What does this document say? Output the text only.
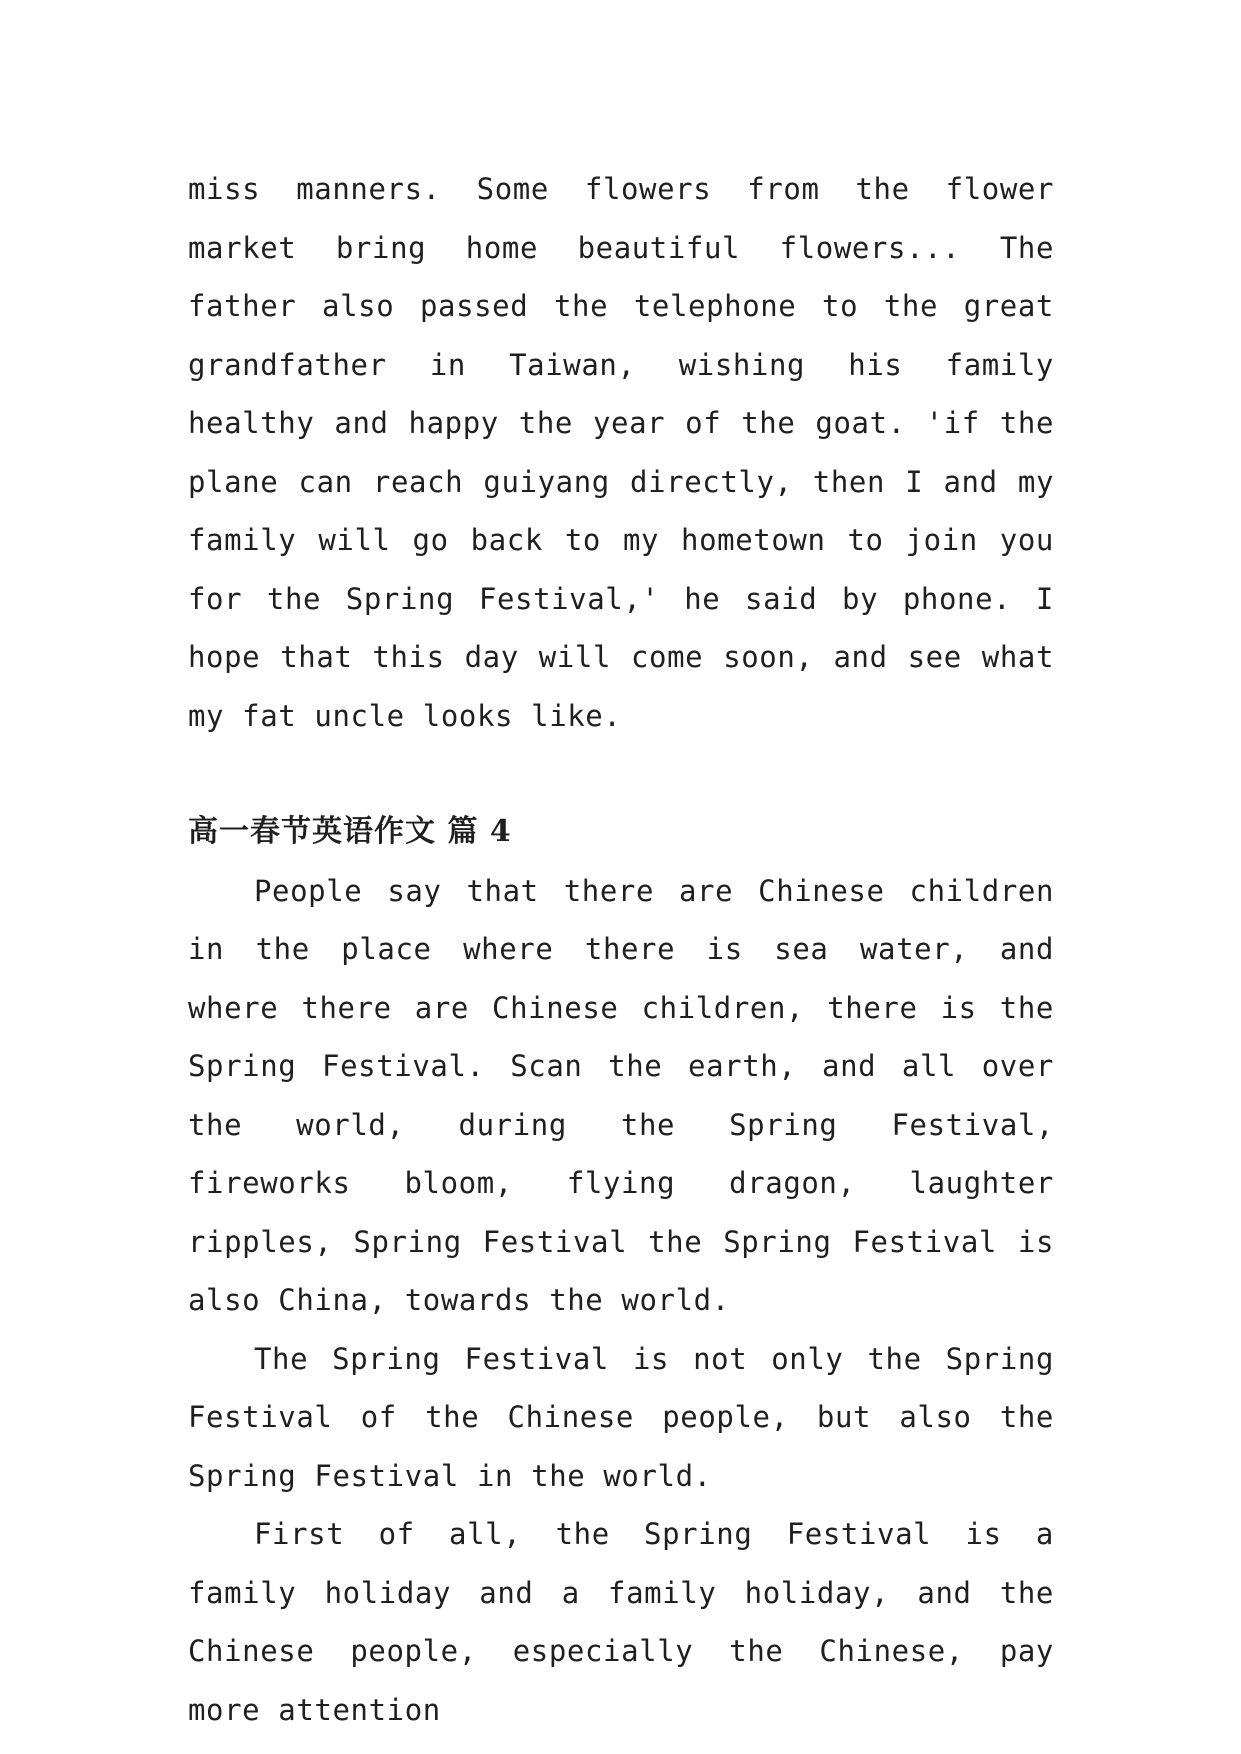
miss manners. Some flowers from the flower market bring home beautiful flowers... The father also passed the telephone to the great grandfather in Taiwan, wishing his family healthy and happy the year of the goat. 'if the plane can reach guiyang directly, then I and my family will go back to my hometown to join you for the Spring Festival,' he said by phone. I hope that this day will come soon, and see what my fat uncle looks like.

高一春节英语作文 篇 4

People say that there are Chinese children in the place where there is sea water, and where there are Chinese children, there is the Spring Festival. Scan the earth, and all over the world, during the Spring Festival, fireworks bloom, flying dragon, laughter ripples, Spring Festival the Spring Festival is also China, towards the world.

The Spring Festival is not only the Spring Festival of the Chinese people, but also the Spring Festival in the world.

First of all, the Spring Festival is a family holiday and a family holiday, and the Chinese people, especially the Chinese, pay more attention
